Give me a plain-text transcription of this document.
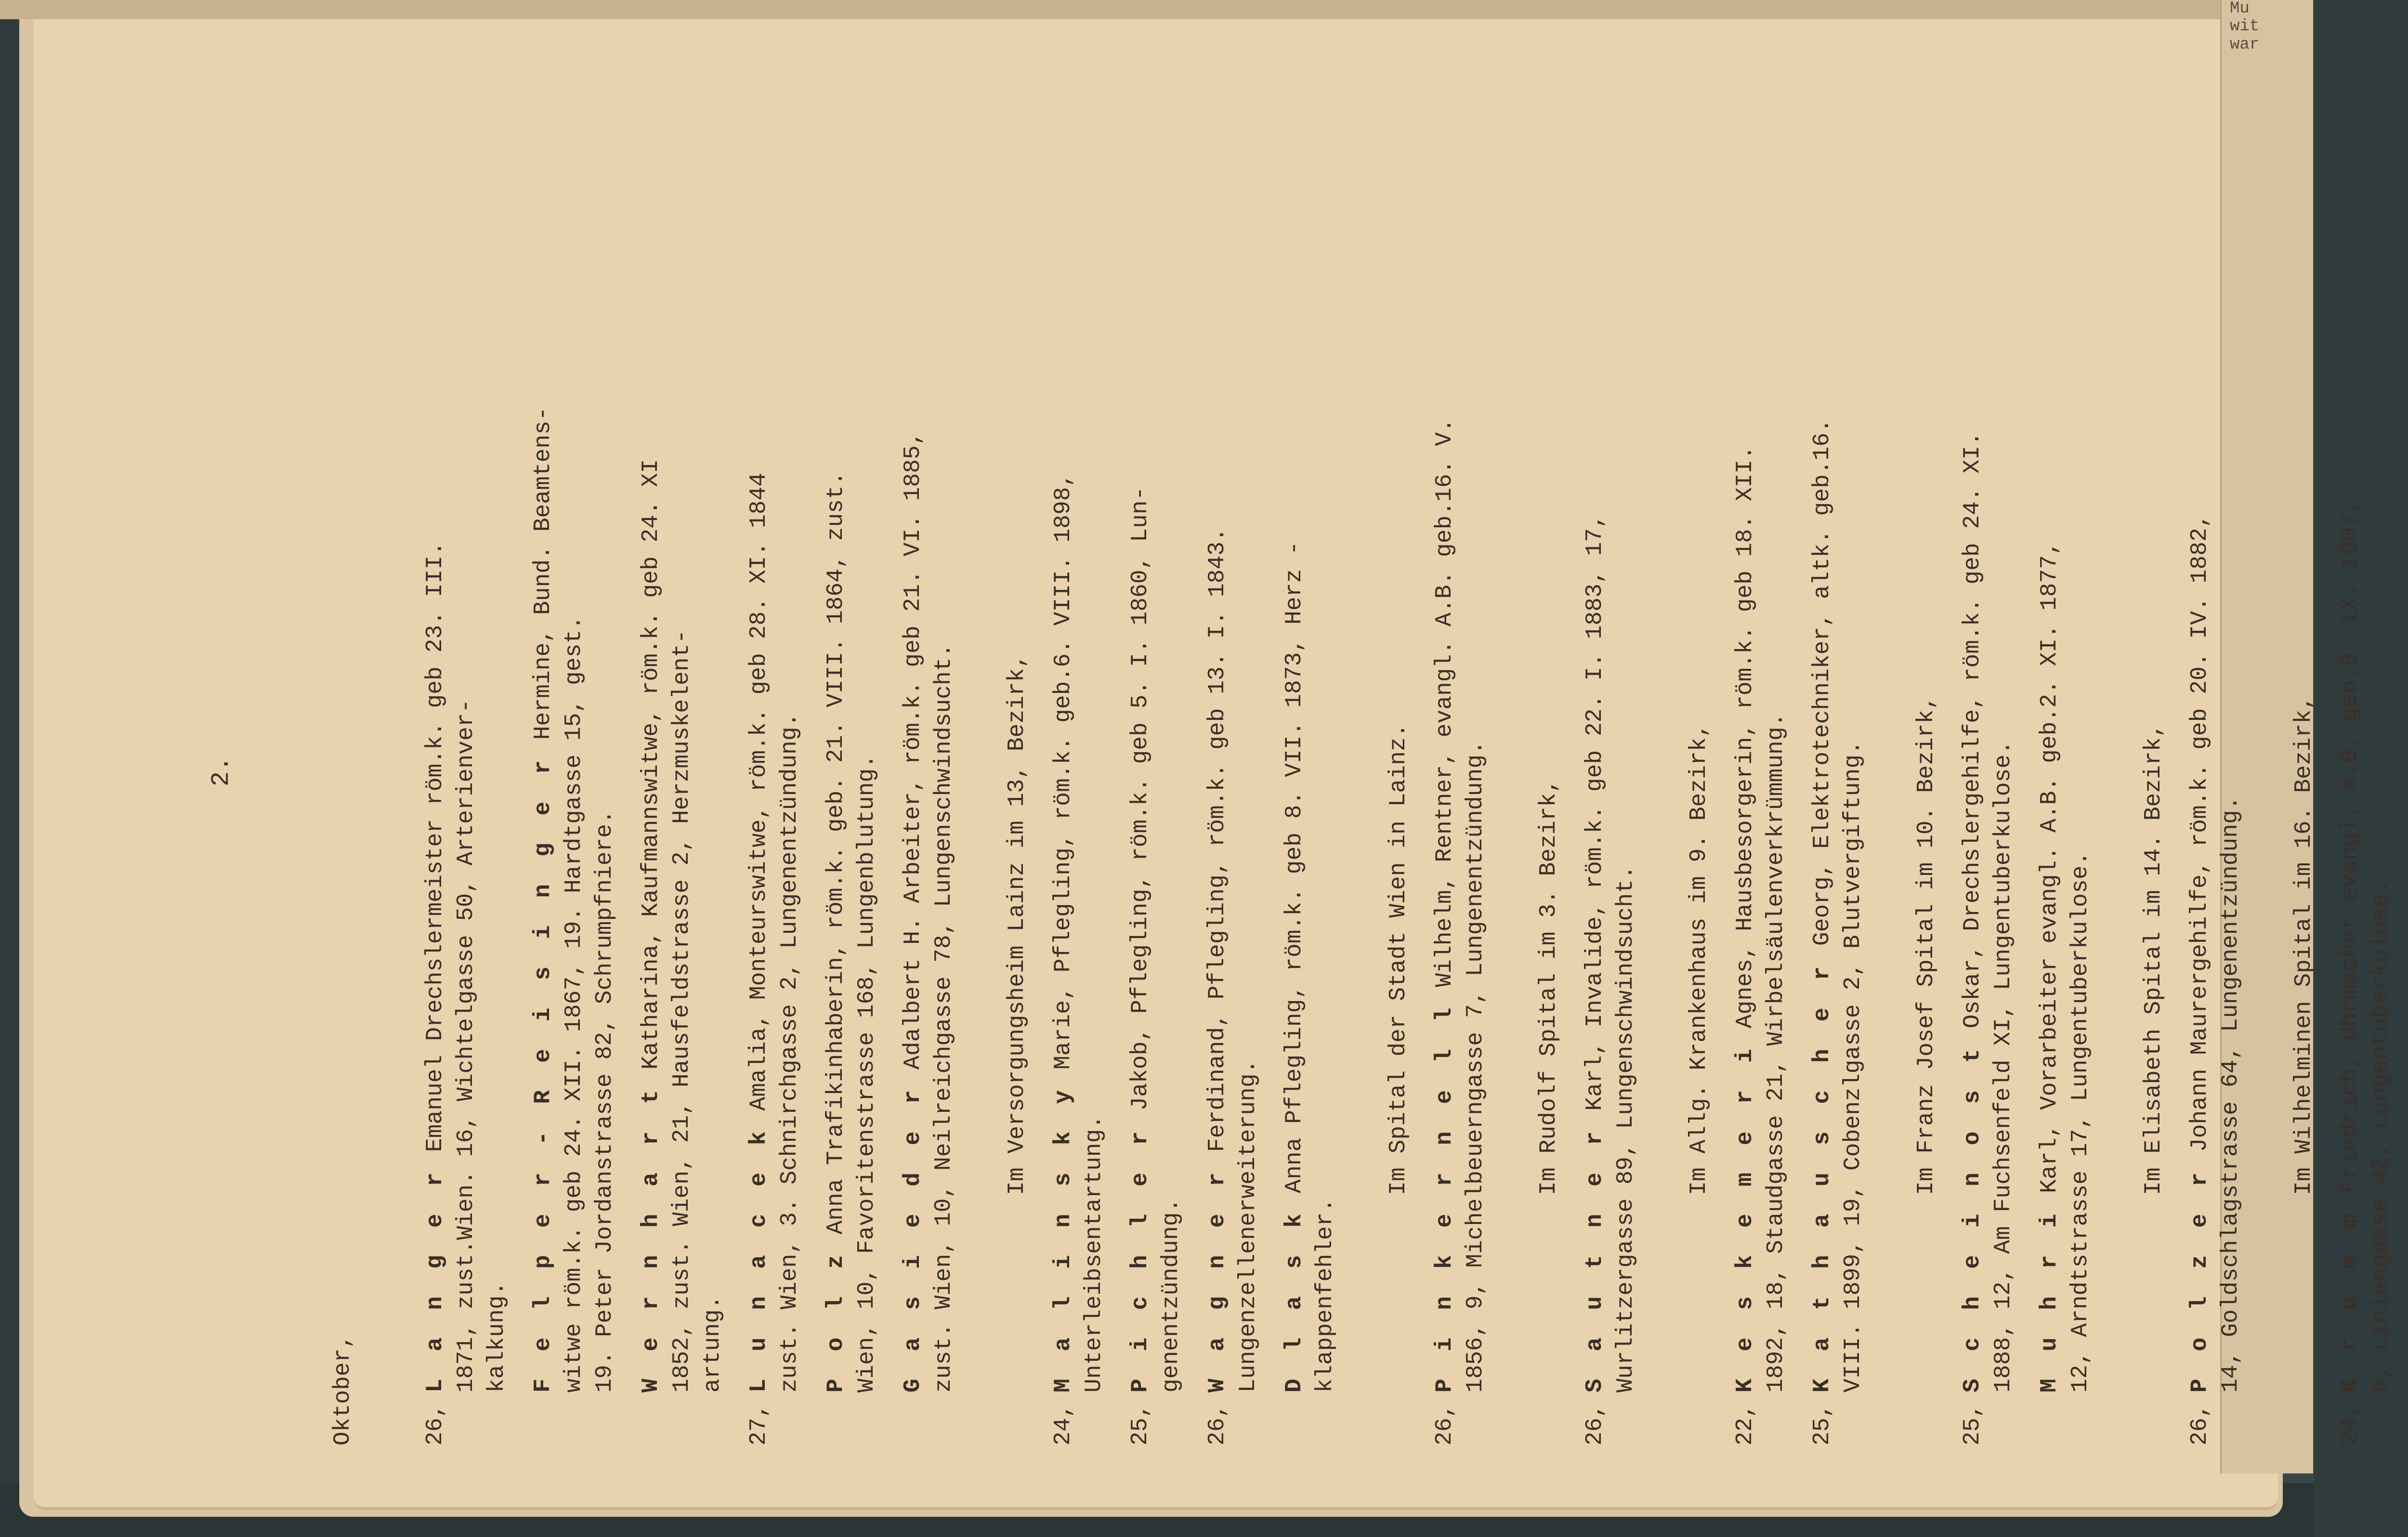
Mu
wit
war

2.

Oktober,

	26,L a n g e r Emanuel Drechslermeister röm.k. geb 23. III. 1871, zust.Wien. 16, Wichtelgasse 50, Arterienver- kalkung. F e l p e r - R e i s i n g e r Hermine, Bund. Beamtens-
witwe röm.k. geb 24. XII. 1867, 19. Hardtgasse 15, gest. 19. Peter Jordanstrasse 82, Schrumpfniere. W e r n h a r t Katharina, Kaufmannswitwe, röm.k. geb 24. XI 1852, zust. Wien, 21, Hausfeldstrasse 2, Herzmuskelent- artung.
27,L u n a c e k Amalia, Monteurswitwe, röm.k. geb 28. XI. 1844 zust. Wien, 3. Schnirchgasse 2, Lungenentzündung. P o l z Anna Trafikinhaberin, röm.k. geb. 21. VIII. 1864, zust. Wien, 10, Favoritenstrasse 168, Lungenblutung. G a s i e d e r Adalbert H. Arbeiter, röm.k. geb 21. VI. 1885, zust. Wien, 10, Neilreichgasse 78, Lungenschwindsucht. Im Versorgungsheim Lainz im 13, Bezirk,
24,M a l i n s k y Marie, Pflegling, röm.k. geb.6. VIII. 1898,
Unterleibsentartung.
25,P i c h l e r Jakob, Pflegling, röm.k. geb 5. I. 1860, Lun-
genentzündung.
26,W a g n e r Ferdinand, Pflegling, röm.k. geb 13. I. 1843.
Lungenzellenerweiterung. D l a s k Anna Pflegling, röm.k. geb 8. VII. 1873, Herz -
klappenfehler.
Im Spital der Stadt Wien in Lainz.
26,P i n k e r n e l l Wilhelm, Rentner, evangl. A.B. geb.16. V.
1856, 9, Michelbeuerngasse 7, Lungenentzündung. Im Rudolf Spital im 3. Bezirk,
26,S a u t n e r Karl, Invalide, röm.k. geb 22. I. 1883, 17,
Wurlitzergasse 89, Lungenschwindsucht. Im Allg. Krankenhaus im 9. Bezirk,
22,K e s k e m e r i Agnes, Hausbesorgerin, röm.k. geb 18. XII. 1892, 18, Staudgasse 21, Wirbelsäulenverkrümmung.
25,K a t h a u s c h e r Georg, Elektrotechniker, altk. geb.16.
VIII. 1899, 19, Cobenzlgasse 2, Blutvergiftung. Im Franz Josef Spital im 10. Bezirk,
25,S c h e i n o s t Oskar, Drechslergehilfe, röm.k. geb 24. XI.
1888, 12, Am Fuchsenfeld XI, Lungentuberkulose. M u h r i Karl, Vorarbeiter evangl. A.B. geb.2. XI. 1877, 12, Arndtstrasse 17, Lungentuberkulose. Im Elisabeth Spital im 14. Bezirk,
26,P o l z e r Johann Maurergehilfe, röm.k. geb 20. IV. 1882, 14, Goldschlagstrasse 64, Lungenentzündung. Im Wilhelminen Spital im 16. Bezirk,
24,K r u m m Friedrich, Uhrmacher evangl. A.B. geb.8. IX. 1907, 6, Liniengasse 42, Lungentuberkulose.
